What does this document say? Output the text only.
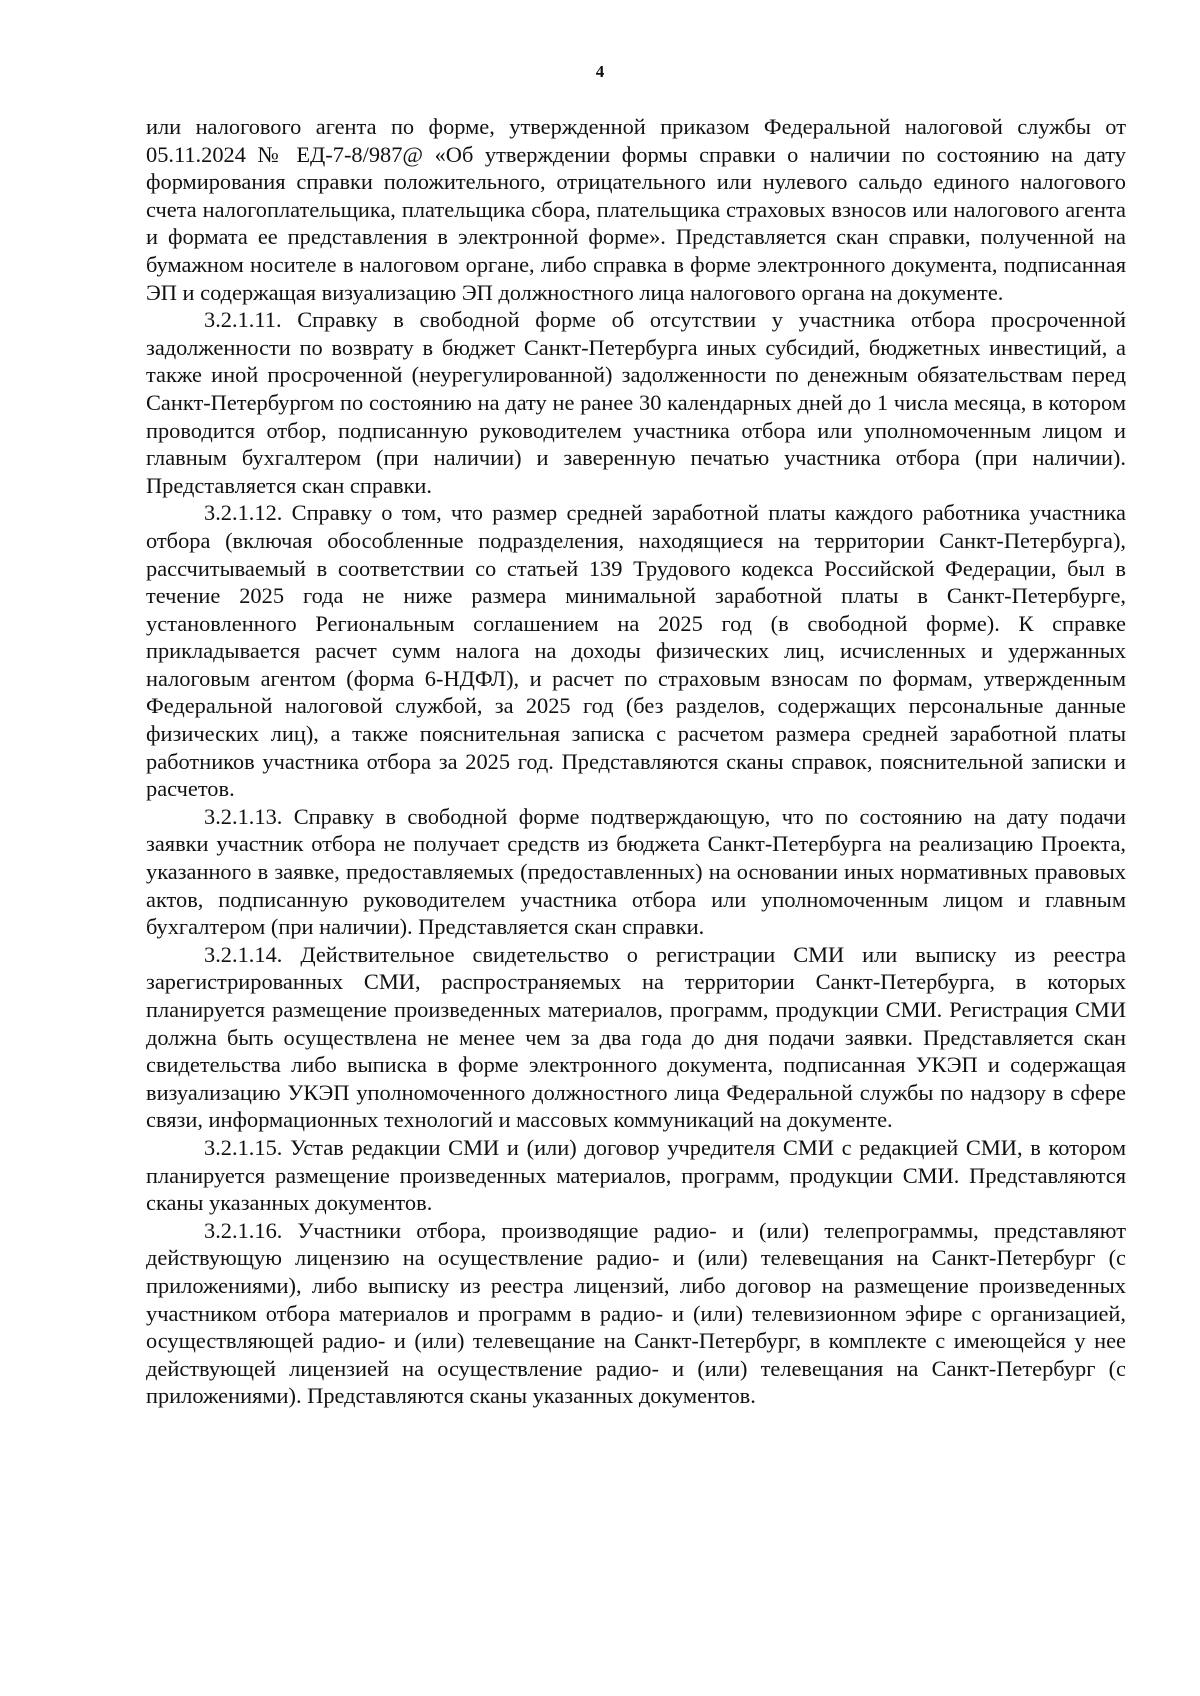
4

или налогового агента по форме, утвержденной приказом Федеральной налоговой службы от 05.11.2024 № ЕД-7-8/987@ «Об утверждении формы справки о наличии по состоянию на дату формирования справки положительного, отрицательного или нулевого сальдо единого налогового счета налогоплательщика, плательщика сбора, плательщика страховых взносов или налогового агента и формата ее представления в электронной форме». Представляется скан справки, полученной на бумажном носителе в налоговом органе, либо справка в форме электронного документа, подписанная ЭП и содержащая визуализацию ЭП должностного лица налогового органа на документе.

3.2.1.11. Справку в свободной форме об отсутствии у участника отбора просроченной задолженности по возврату в бюджет Санкт-Петербурга иных субсидий, бюджетных инвестиций, а также иной просроченной (неурегулированной) задолженности по денежным обязательствам перед Санкт-Петербургом по состоянию на дату не ранее 30 календарных дней до 1 числа месяца, в котором проводится отбор, подписанную руководителем участника отбора или уполномоченным лицом и главным бухгалтером (при наличии) и заверенную печатью участника отбора (при наличии). Представляется скан справки.

3.2.1.12. Справку о том, что размер средней заработной платы каждого работника участника отбора (включая обособленные подразделения, находящиеся на территории Санкт-Петербурга), рассчитываемый в соответствии со статьей 139 Трудового кодекса Российской Федерации, был в течение 2025 года не ниже размера минимальной заработной платы в Санкт-Петербурге, установленного Региональным соглашением на 2025 год (в свободной форме). К справке прикладывается расчет сумм налога на доходы физических лиц, исчисленных и удержанных налоговым агентом (форма 6-НДФЛ), и расчет по страховым взносам по формам, утвержденным Федеральной налоговой службой, за 2025 год (без разделов, содержащих персональные данные физических лиц), а также пояснительная записка с расчетом размера средней заработной платы работников участника отбора за 2025 год. Представляются сканы справок, пояснительной записки и расчетов.

3.2.1.13. Справку в свободной форме подтверждающую, что по состоянию на дату подачи заявки участник отбора не получает средств из бюджета Санкт-Петербурга на реализацию Проекта, указанного в заявке, предоставляемых (предоставленных) на основании иных нормативных правовых актов, подписанную руководителем участника отбора или уполномоченным лицом и главным бухгалтером (при наличии). Представляется скан справки.

3.2.1.14. Действительное свидетельство о регистрации СМИ или выписку из реестра зарегистрированных СМИ, распространяемых на территории Санкт-Петербурга, в которых планируется размещение произведенных материалов, программ, продукции СМИ. Регистрация СМИ должна быть осуществлена не менее чем за два года до дня подачи заявки. Представляется скан свидетельства либо выписка в форме электронного документа, подписанная УКЭП и содержащая визуализацию УКЭП уполномоченного должностного лица Федеральной службы по надзору в сфере связи, информационных технологий и массовых коммуникаций на документе.

3.2.1.15. Устав редакции СМИ и (или) договор учредителя СМИ с редакцией СМИ, в котором планируется размещение произведенных материалов, программ, продукции СМИ. Представляются сканы указанных документов.

3.2.1.16. Участники отбора, производящие радио- и (или) телепрограммы, представляют действующую лицензию на осуществление радио- и (или) телевещания на Санкт-Петербург (с приложениями), либо выписку из реестра лицензий, либо договор на размещение произведенных участником отбора материалов и программ в радио- и (или) телевизионном эфире с организацией, осуществляющей радио- и (или) телевещание на Санкт-Петербург, в комплекте с имеющейся у нее действующей лицензией на осуществление радио- и (или) телевещания на Санкт-Петербург (с приложениями). Представляются сканы указанных документов.
